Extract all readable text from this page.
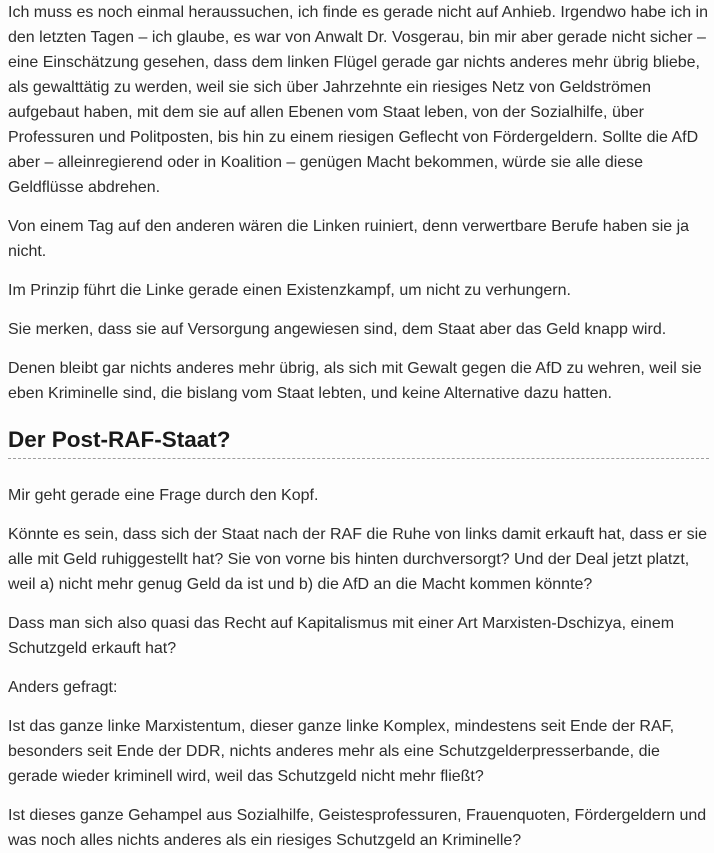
Ich muss es noch einmal heraussuchen, ich finde es gerade nicht auf Anhieb. Irgendwo habe ich in den letzten Tagen – ich glaube, es war von Anwalt Dr. Vosgerau, bin mir aber gerade nicht sicher – eine Einschätzung gesehen, dass dem linken Flügel gerade gar nichts anderes mehr übrig bliebe, als gewalttätig zu werden, weil sie sich über Jahrzehnte ein riesiges Netz von Geldströmen aufgebaut haben, mit dem sie auf allen Ebenen vom Staat leben, von der Sozialhilfe, über Professuren und Politposten, bis hin zu einem riesigen Geflecht von Fördergeldern. Sollte die AfD aber – alleinregierend oder in Koalition – genügen Macht bekommen, würde sie alle diese Geldflüsse abdrehen.

Von einem Tag auf den anderen wären die Linken ruiniert, denn verwertbare Berufe haben sie ja nicht.

Im Prinzip führt die Linke gerade einen Existenzkampf, um nicht zu verhungern.

Sie merken, dass sie auf Versorgung angewiesen sind, dem Staat aber das Geld knapp wird.

Denen bleibt gar nichts anderes mehr übrig, als sich mit Gewalt gegen die AfD zu wehren, weil sie eben Kriminelle sind, die bislang vom Staat lebten, und keine Alternative dazu hatten.

Der Post-RAF-Staat?

Mir geht gerade eine Frage durch den Kopf.

Könnte es sein, dass sich der Staat nach der RAF die Ruhe von links damit erkauft hat, dass er sie alle mit Geld ruhiggestellt hat? Sie von vorne bis hinten durchversorgt? Und der Deal jetzt platzt, weil a) nicht mehr genug Geld da ist und b) die AfD an die Macht kommen könnte?

Dass man sich also quasi das Recht auf Kapitalismus mit einer Art Marxisten-Dschizya, einem Schutzgeld erkauft hat?

Anders gefragt:

Ist das ganze linke Marxistentum, dieser ganze linke Komplex, mindestens seit Ende der RAF, besonders seit Ende der DDR, nichts anderes mehr als eine Schutzgelderpresserbande, die gerade wieder kriminell wird, weil das Schutzgeld nicht mehr fließt?

Ist dieses ganze Gehampel aus Sozialhilfe, Geistesprofessuren, Frauenquoten, Fördergeldern und was noch alles nichts anderes als ein riesiges Schutzgeld an Kriminelle?
